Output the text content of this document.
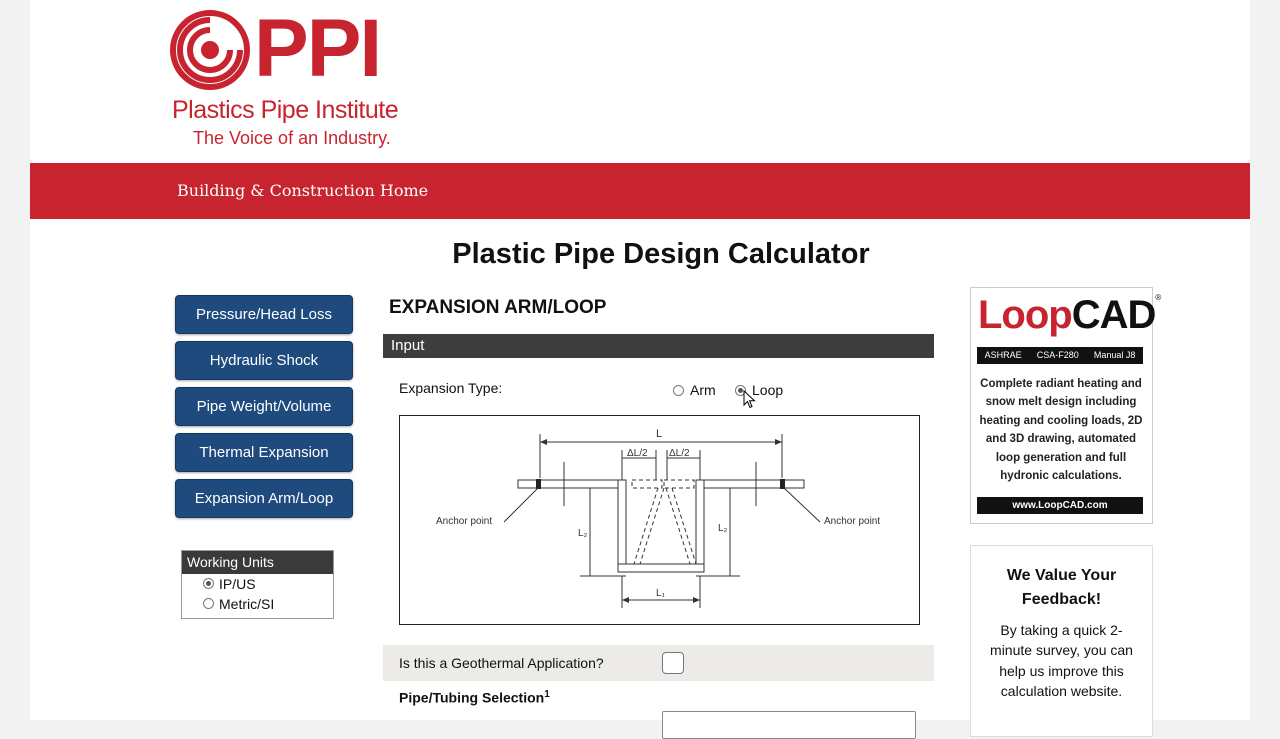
PPI
Plastics Pipe Institute
The Voice of an Industry.
Building & Construction Home
Plastic Pipe Design Calculator
Pressure/Head Loss
Hydraulic Shock
Pipe Weight/Volume
Thermal Expansion
Expansion Arm/Loop
Working Units
IP/US
Metric/SI
EXPANSION ARM/LOOP
Input
Expansion Type:	Arm	Loop
L
ΔL/2 ΔL/2
L₂	L₂
L₁
Anchor point	Anchor point
Is this a Geothermal Application?
Pipe/Tubing Selection$^1$
LoopCAD®
ASHRAE CSA-F280 Manual J8
Complete radiant heating and snow melt design including heating and cooling loads, 2D and 3D drawing, automated loop generation and full hydronic calculations.
www.LoopCAD.com
We Value Your Feedback!
By taking a quick 2-minute survey, you can help us improve this calculation website.
